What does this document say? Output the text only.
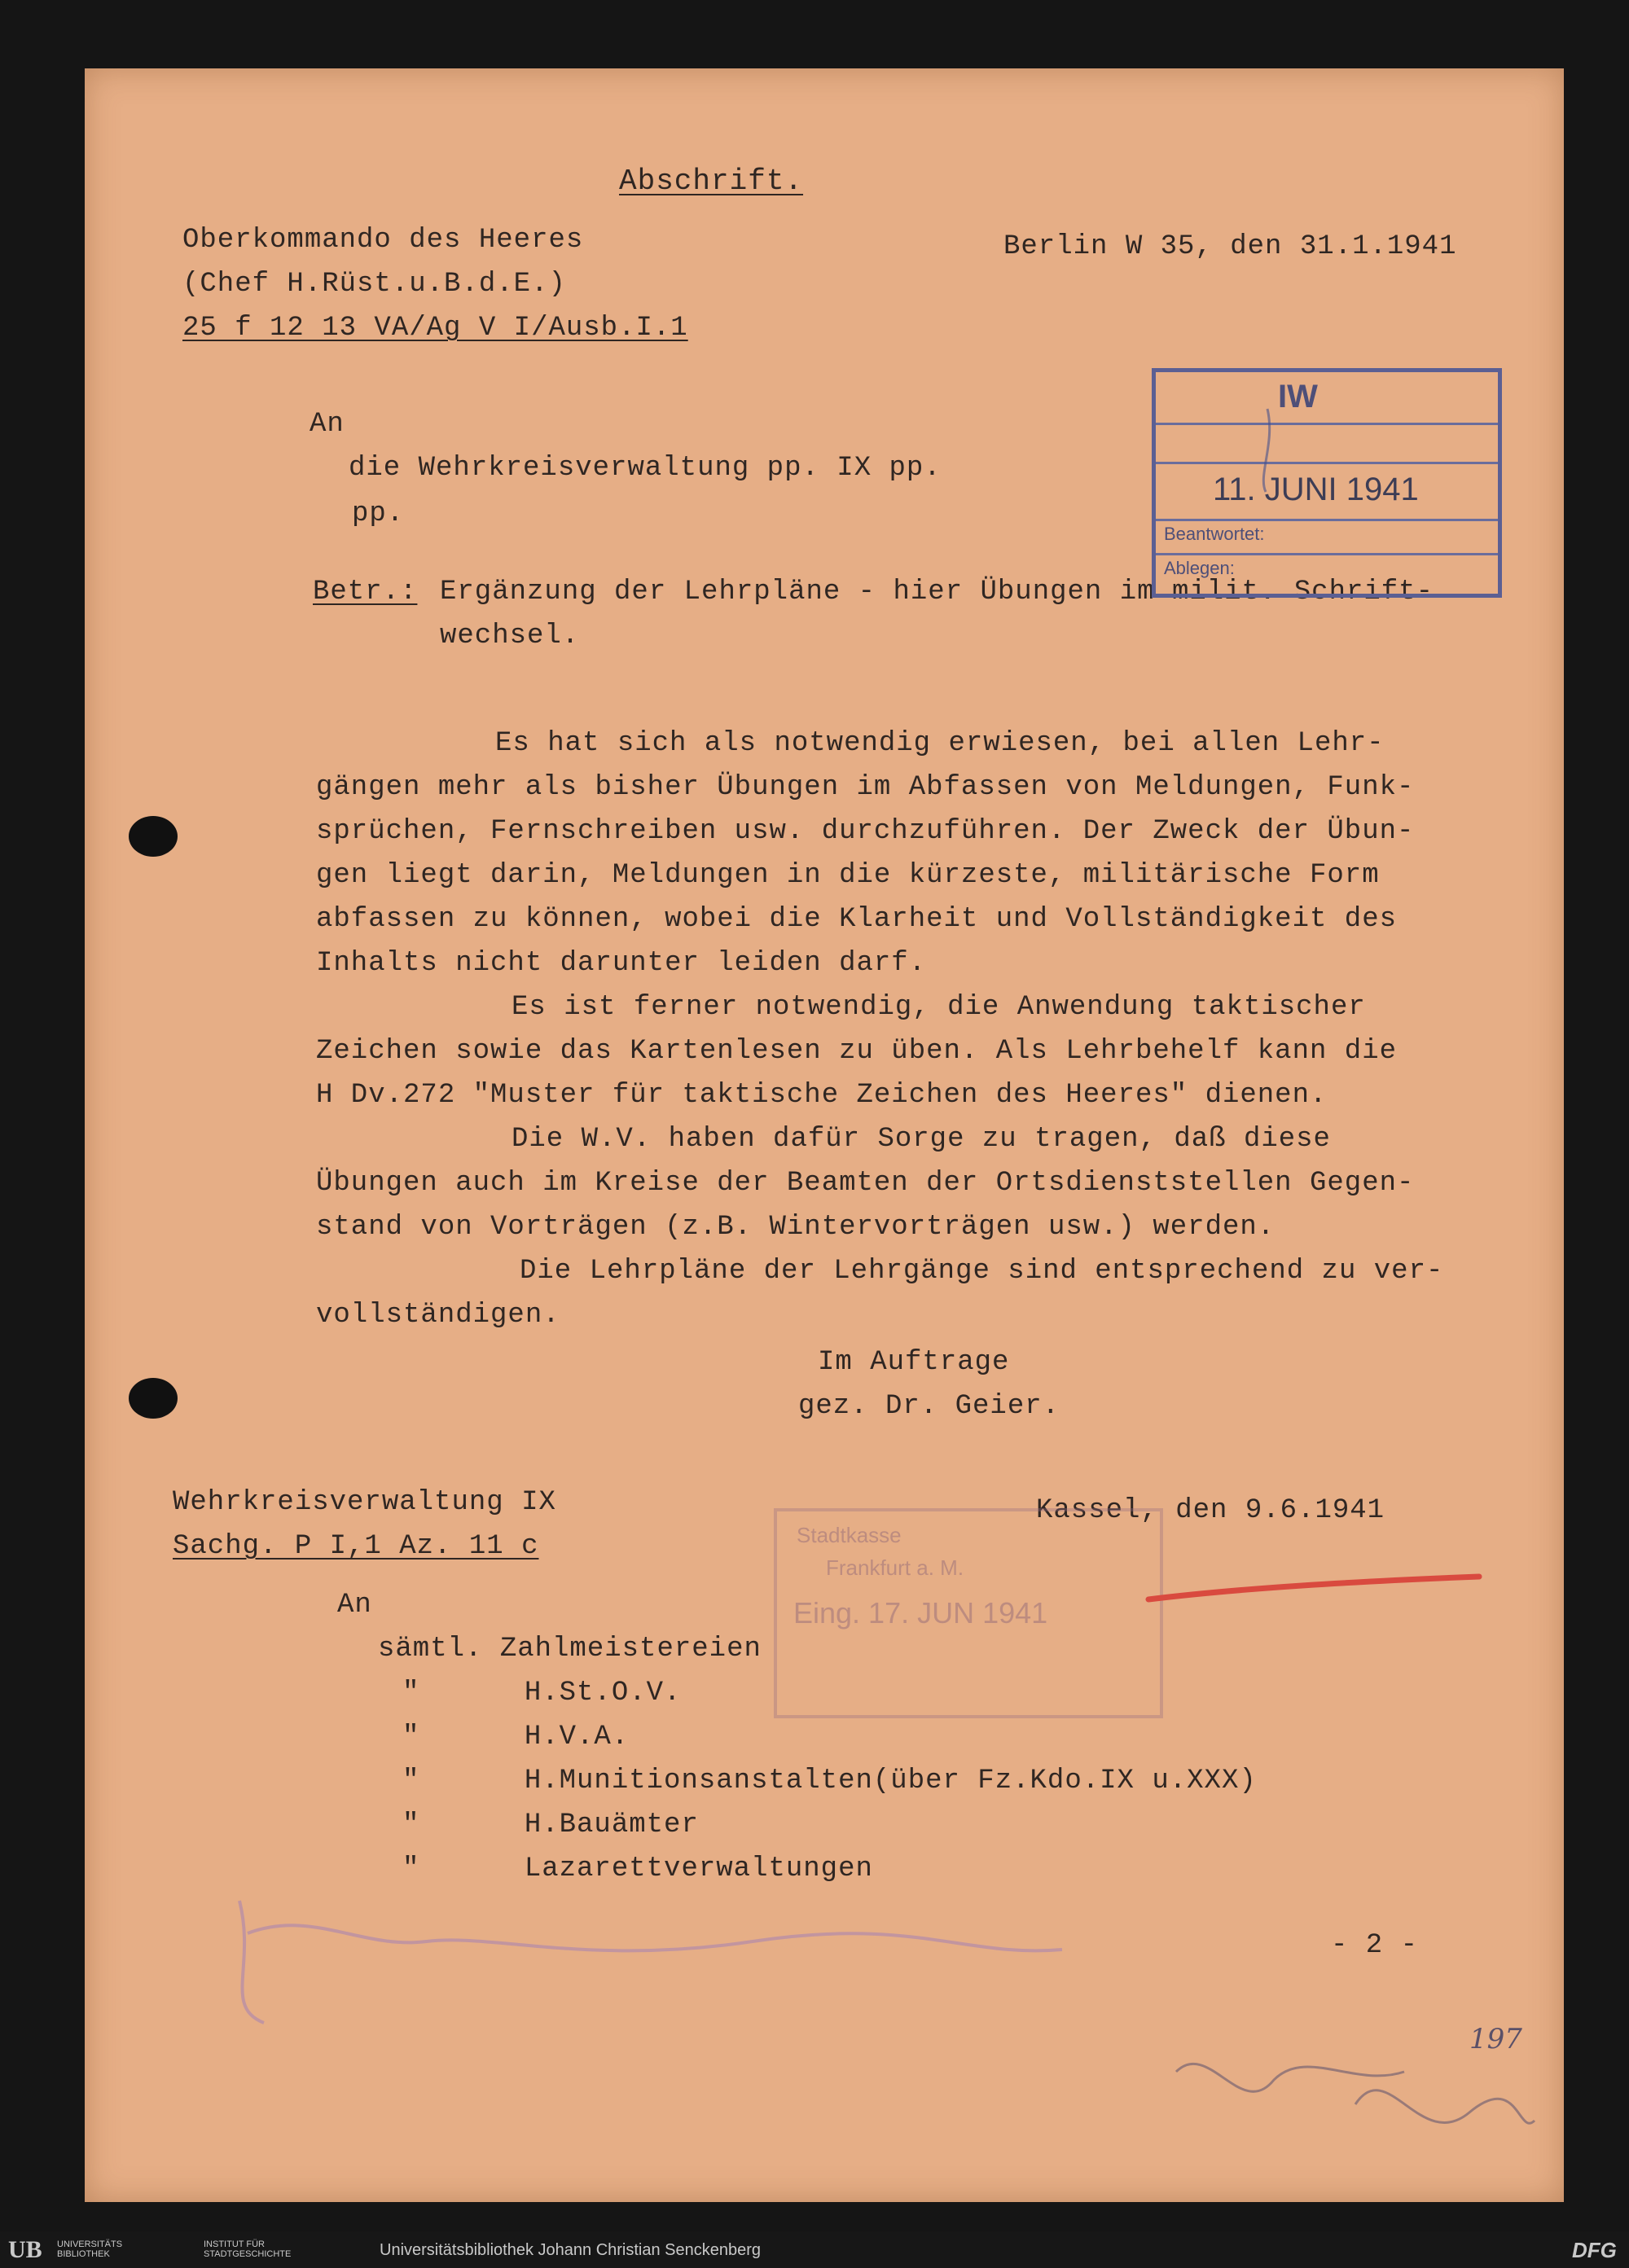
Abschrift.
Oberkommando des Heeres
(Chef H.Rüst.u.B.d.E.)
25 f 12 13 VA/Ag V I/Ausb.I.1
Berlin W 35, den 31.1.1941
An
die Wehrkreisverwaltung pp. IX pp.
pp.
Betr.: Ergänzung der Lehrpläne - hier Übungen im milit. Schrift-
wechsel.
Es hat sich als notwendig erwiesen, bei allen Lehr-
gängen mehr als bisher Übungen im Abfassen von Meldungen, Funk-
sprüchen, Fernschreiben usw. durchzuführen. Der Zweck der Übun-
gen liegt darin, Meldungen in die kürzeste, militärische Form
abfassen zu können, wobei die Klarheit und Vollständigkeit des
Inhalts nicht darunter leiden darf.
Es ist ferner notwendig, die Anwendung taktischer
Zeichen sowie das Kartenlesen zu üben. Als Lehrbehelf kann die
H Dv.272 "Muster für taktische Zeichen des Heeres" dienen.
Die W.V. haben dafür Sorge zu tragen, daß diese
Übungen auch im Kreise der Beamten der Ortsdienststellen Gegen-
stand von Vorträgen (z.B. Wintervorträgen usw.) werden.
Die Lehrpläne der Lehrgänge sind entsprechend zu ver-
vollständigen.
Im Auftrage
gez. Dr. Geier.
Wehrkreisverwaltung IX
Sachg. P I,1 Az. 11 c
Kassel, den 9.6.1941
An
sämtl. Zahlmeistereien
"      H.St.O.V.
"      H.V.A.
"      H.Munitionsanstalten(über Fz.Kdo.IX u.XXX)
"      H.Bauämter
"      Lazarettverwaltungen
- 2 -
IW
11. JUNI 1941
Beantwortet:
Ablegen:
Stadtkasse
Frankfurt a. M.
Eing. 17. JUN 1941
197
UB UNIVERSITÄTS BIBLIOTHEK
INSTITUT FÜR STADTGESCHICHTE	Universitätsbibliothek Johann Christian Senckenberg	DFG
